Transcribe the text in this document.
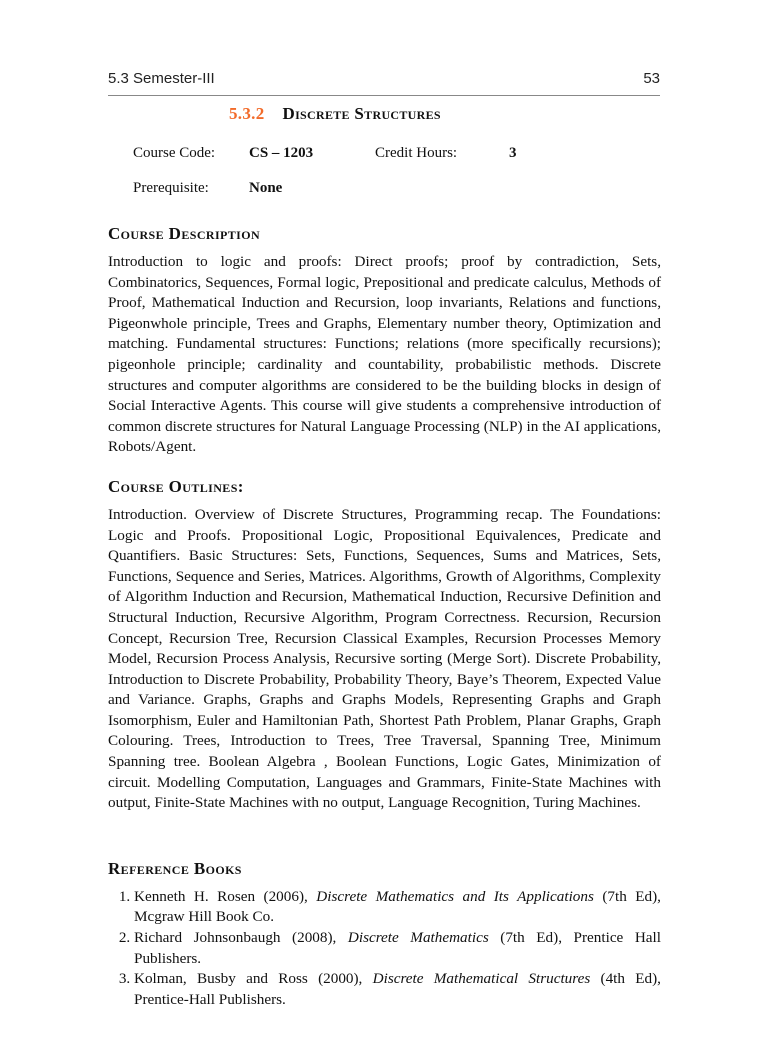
5.3 Semester-III	53
5.3.2 Discrete Structures
Course Code: CS – 1203	Credit Hours:	3
Prerequisite:	None
Course Description

Introduction to logic and proofs: Direct proofs; proof by contradiction, Sets, Combinatorics, Sequences, Formal logic, Prepositional and predicate calculus, Methods of Proof, Mathematical Induction and Recursion, loop invariants, Relations and functions, Pigeonwhole principle, Trees and Graphs, Elementary number theory, Optimization and matching. Fundamental structures: Functions; relations (more specifically recursions); pigeonhole principle; cardinality and countability, probabilistic methods. Discrete structures and computer algorithms are considered to be the building blocks in design of Social Interactive Agents. This course will give students a comprehensive introduction of common discrete structures for Natural Language Processing (NLP) in the AI applications, Robots/Agent.

Course Outlines:

Introduction. Overview of Discrete Structures, Programming recap. The Foundations: Logic and Proofs. Propositional Logic, Propositional Equivalences, Predicate and Quantifiers. Basic Structures: Sets, Functions, Sequences, Sums and Matrices, Sets, Functions, Sequence and Series, Matrices. Algorithms, Growth of Algorithms, Complexity of Algorithm Induction and Recursion, Mathematical Induction, Recursive Definition and Structural Induction, Recursive Algorithm, Program Correctness. Recursion, Recursion Concept, Recursion Tree, Recursion Classical Examples, Recursion Processes Memory Model, Recursion Process Analysis, Recursive sorting (Merge Sort). Discrete Probability, Introduction to Discrete Probability, Probability Theory, Baye’s Theorem, Expected Value and Variance. Graphs, Graphs and Graphs Models, Representing Graphs and Graph Isomorphism, Euler and Hamiltonian Path, Shortest Path Problem, Planar Graphs, Graph Colouring. Trees, Introduction to Trees, Tree Traversal, Spanning Tree, Minimum Spanning tree. Boolean Algebra , Boolean Functions, Logic Gates, Minimization of circuit. Modelling Computation, Languages and Grammars, Finite-State Machines with output, Finite-State Machines with no output, Language Recognition, Turing Machines.

Reference Books
1. Kenneth H. Rosen (2006), Discrete Mathematics and Its Applications (7th Ed), Mcgraw Hill Book Co.
2. Richard Johnsonbaugh (2008), Discrete Mathematics (7th Ed), Prentice Hall Publishers.
3. Kolman, Busby and Ross (2000), Discrete Mathematical Structures (4th Ed), Prentice-Hall Publishers.
